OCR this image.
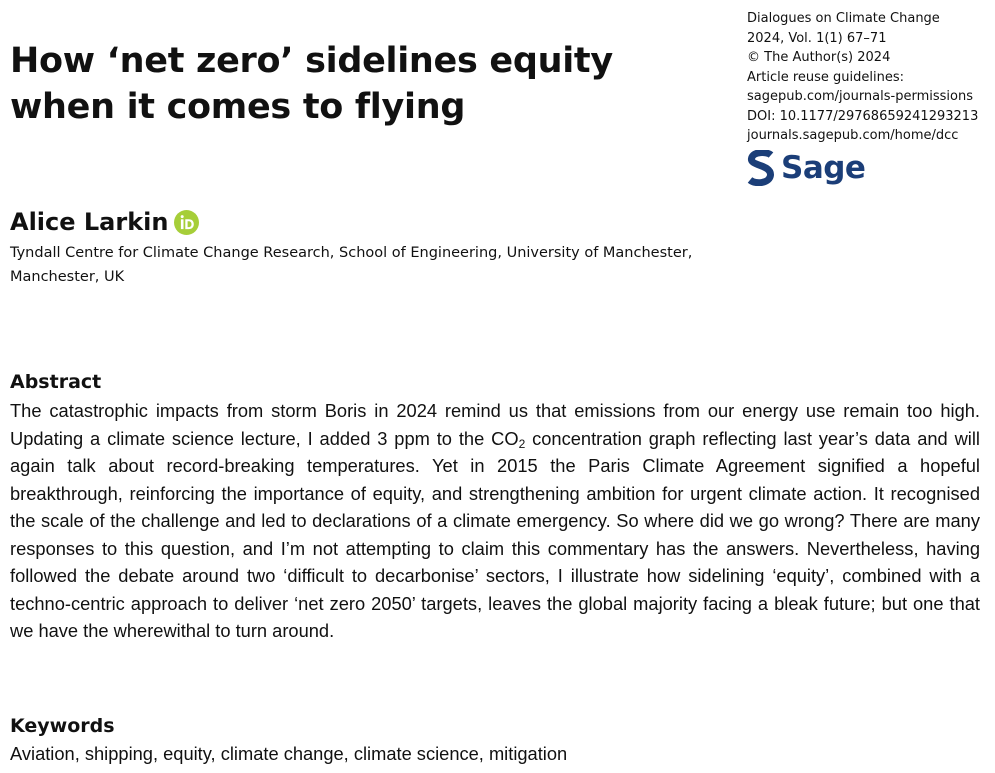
How ‘net zero’ sidelines equity
when it comes to flying
Dialogues on Climate Change
2024, Vol. 1(1) 67–71
© The Author(s) 2024
Article reuse guidelines:
sagepub.com/journals-permissions
DOI: 10.1177/29768659241293213
journals.sagepub.com/home/dcc
Sage
Alice Larkin
Tyndall Centre for Climate Change Research, School of Engineering, University of Manchester,
Manchester, UK
Abstract

The catastrophic impacts from storm Boris in 2024 remind us that emissions from our energy use remain too high. Updating a climate science lecture, I added 3 ppm to the $CO_2$ concentration graph reflecting last year’s data and will again talk about record-breaking temperatures. Yet in 2015 the Paris Climate Agreement signified a hopeful breakthrough, reinforcing the importance of equity, and strengthening ambition for urgent climate action. It recognised the scale of the challenge and led to declarations of a climate emergency. So where did we go wrong? There are many responses to this question, and I’m not attempting to claim this commentary has the answers. Nevertheless, having followed the debate around two ‘difficult to decarbonise’ sectors, I illustrate how sidelining ‘equity’, combined with a techno-centric approach to deliver ‘net zero 2050’ targets, leaves the global majority facing a bleak future; but one that we have the wherewithal to turn around.

Keywords

Aviation, shipping, equity, climate change, climate science, mitigation
